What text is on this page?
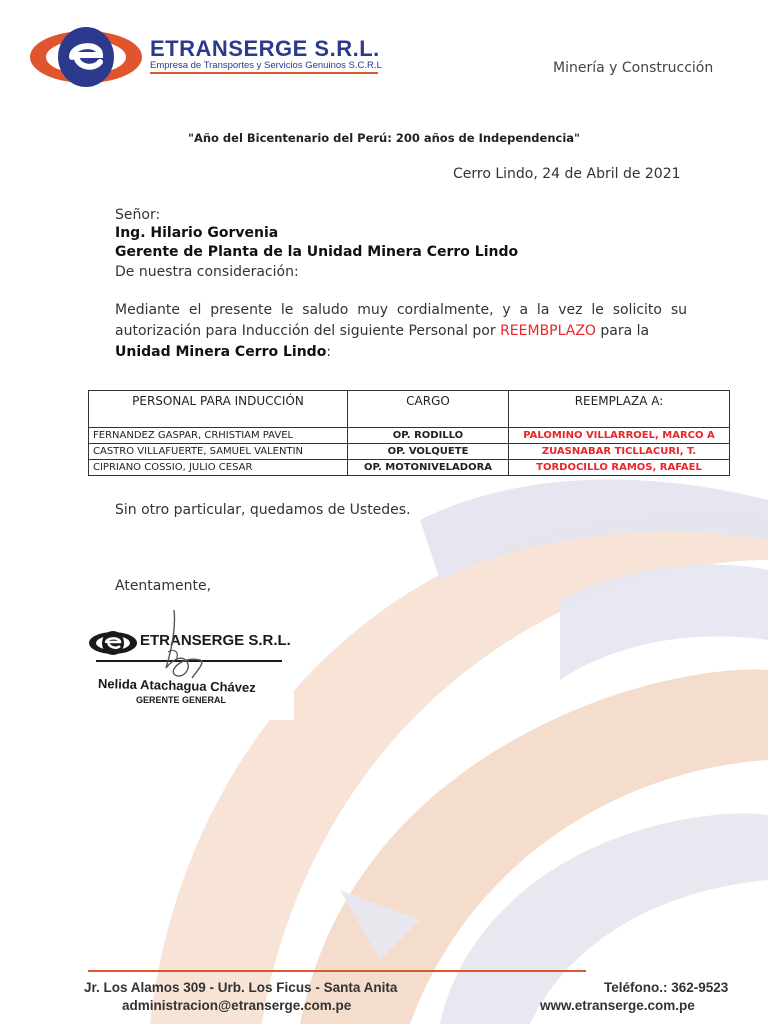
ETRANSERGE S.R.L.
Empresa de Transportes y Servicios Genuinos S.C.R.L	Minería y Construcción
"Año del Bicentenario del Perú: 200 años de Independencia"
Cerro Lindo, 24 de Abril de 2021
Señor:
Ing. Hilario Gorvenia
Gerente de Planta de la Unidad Minera Cerro Lindo
De nuestra consideración:
Mediante el presente le saludo muy cordialmente, y a la vez le solicito su autorización para Inducción del siguiente Personal por REEMBPLAZO para la
Unidad Minera Cerro Lindo:
PERSONAL PARA INDUCCIÓN	CARGO	REEMPLAZA A:
FERNANDEZ GASPAR, CRHISTIAM PAVEL	OP. RODILLO	PALOMINO VILLARROEL, MARCO A
CASTRO VILLAFUERTE, SAMUEL VALENTIN	OP. VOLQUETE	ZUASNABAR TICLLACURI, T.
CIPRIANO COSSIO, JULIO CESAR	OP. MOTONIVELADORA	TORDOCILLO RAMOS, RAFAEL
Sin otro particular, quedamos de Ustedes.
Atentamente,
ETRANSERGE S.R.L.
Nelida Atachagua Chávez
GERENTE GENERAL
Jr. Los Alamos 309 - Urb. Los Ficus - Santa Anita
administracion@etranserge.com.pe
Teléfono.: 362-9523
www.etranserge.com.pe
